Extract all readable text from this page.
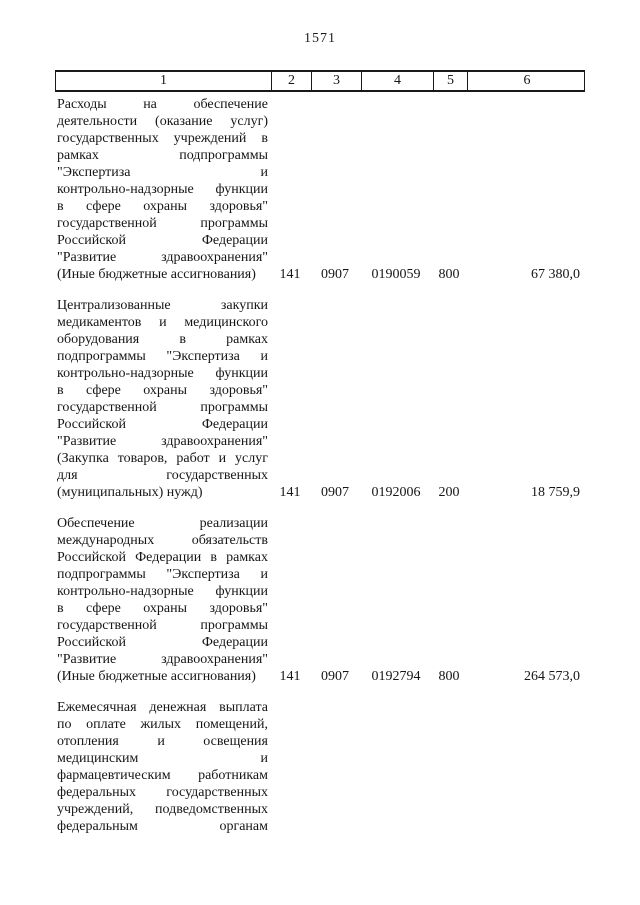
1571
1	2	3	4	5	6
Расходы на обеспечение
деятельности (оказание услуг)
государственных учреждений в
рамках подпрограммы
"Экспертиза и
контрольно-надзорные функции
в сфере охраны здоровья"
государственной программы
Российской Федерации
"Развитие здравоохранения"
(Иные бюджетные ассигнования)	141	0907	0190059	800	67 380,0
Централизованные закупки
медикаментов и медицинского
оборудования в рамках
подпрограммы "Экспертиза и
контрольно-надзорные функции
в сфере охраны здоровья"
государственной программы
Российской Федерации
"Развитие здравоохранения"
(Закупка товаров, работ и услуг
для государственных
(муниципальных) нужд)	141	0907	0192006	200	18 759,9
Обеспечение реализации
международных обязательств
Российской Федерации в рамках
подпрограммы "Экспертиза и
контрольно-надзорные функции
в сфере охраны здоровья"
государственной программы
Российской Федерации
"Развитие здравоохранения"
(Иные бюджетные ассигнования)	141	0907	0192794	800	264 573,0
Ежемесячная денежная выплата
по оплате жилых помещений,
отопления и освещения
медицинским и
фармацевтическим работникам
федеральных государственных
учреждений, подведомственных
федеральным органам
